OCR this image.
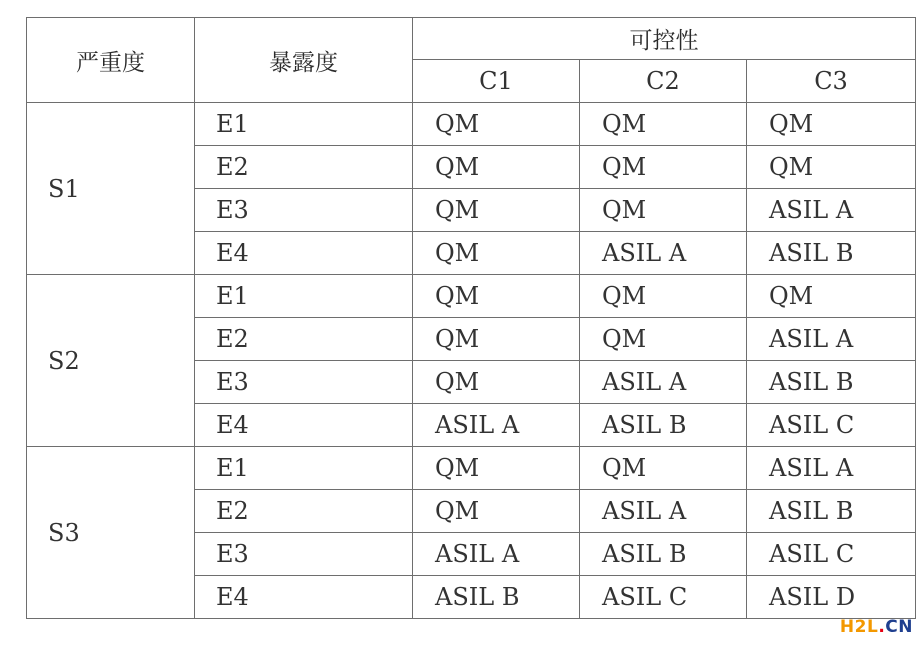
严重度	暴露度	可控性		
		C1	C2	C3
S1	E1	QM	QM	QM
	E2	QM	QM	QM
	E3	QM	QM	ASIL A
	E4	QM	ASIL A	ASIL B
S2	E1	QM	QM	QM
	E2	QM	QM	ASIL A
	E3	QM	ASIL A	ASIL B
	E4	ASIL A	ASIL B	ASIL C
S3	E1	QM	QM	ASIL A
	E2	QM	ASIL A	ASIL B
	E3	ASIL A	ASIL B	ASIL C
	E4	ASIL B	ASIL C	ASIL D
H2L.CN
